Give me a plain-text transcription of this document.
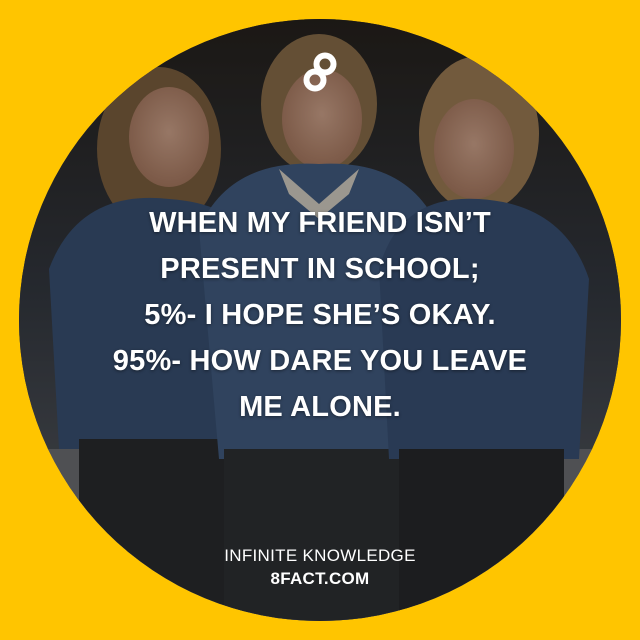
WHEN MY FRIEND ISN’T
PRESENT IN SCHOOL;
5%- I HOPE SHE’S OKAY.
95%- HOW DARE YOU LEAVE
ME ALONE.
INFINITE KNOWLEDGE
8FACT.COM
